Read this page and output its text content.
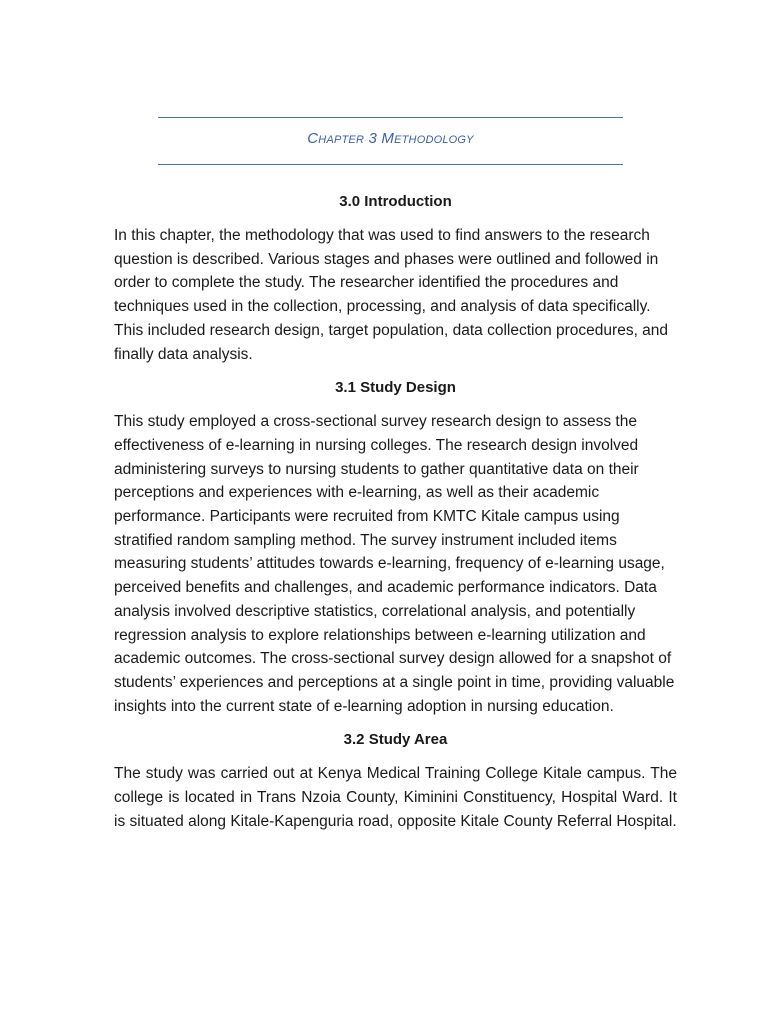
Chapter 3 Methodology
3.0 Introduction

In this chapter, the methodology that was used to find answers to the research question is described. Various stages and phases were outlined and followed in order to complete the study. The researcher identified the procedures and techniques used in the collection, processing, and analysis of data specifically. This included research design, target population, data collection procedures, and finally data analysis.

3.1 Study Design

This study employed a cross-sectional survey research design to assess the effectiveness of e-learning in nursing colleges. The research design involved administering surveys to nursing students to gather quantitative data on their perceptions and experiences with e-learning, as well as their academic performance. Participants were recruited from KMTC Kitale campus using stratified random sampling method. The survey instrument included items measuring students’ attitudes towards e-learning, frequency of e-learning usage, perceived benefits and challenges, and academic performance indicators. Data analysis involved descriptive statistics, correlational analysis, and potentially regression analysis to explore relationships between e-learning utilization and academic outcomes. The cross-sectional survey design allowed for a snapshot of students’ experiences and perceptions at a single point in time, providing valuable insights into the current state of e-learning adoption in nursing education.

3.2 Study Area

The study was carried out at Kenya Medical Training College Kitale campus. The college is located in Trans Nzoia County, Kiminini Constituency, Hospital Ward. It is situated along Kitale-Kapenguria road, opposite Kitale County Referral Hospital.
